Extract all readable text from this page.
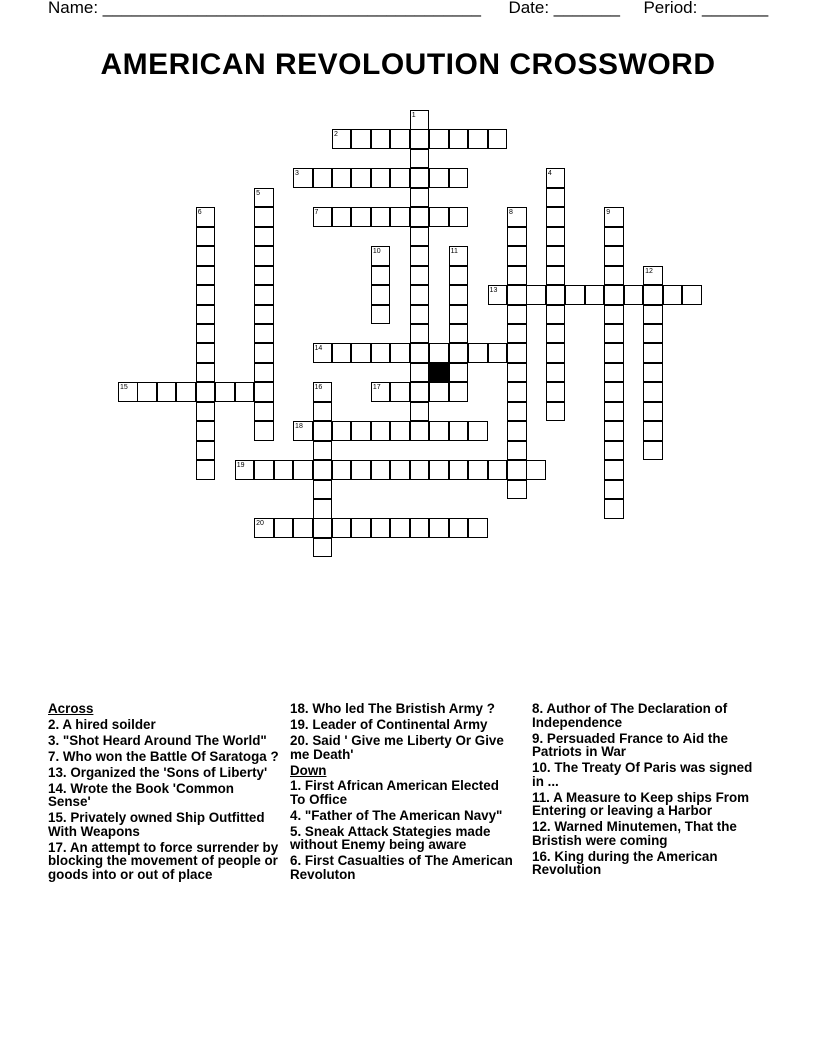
Name: ________________________________________ Date: _______ Period: _______
AMERICAN REVOLOUTION CROSSWORD
1
2
3	4
5
6	7	8	9
10	11
12
13
14
15	16	17
18
19
20
Across
2. A hired soilder
3. "Shot Heard Around The World"
7. Who won the Battle Of Saratoga ?
13. Organized the 'Sons of Liberty'
14. Wrote the Book 'Common Sense'
15. Privately owned Ship Outfitted With Weapons
17. An attempt to force surrender by blocking the movement of people or goods into or out of place
18. Who led The Bristish Army ?
19. Leader of Continental Army
20. Said ' Give me Liberty Or Give me Death'
Down
1. First African American Elected To Office
4. "Father of The American Navy"
5. Sneak Attack Stategies made without Enemy being aware
6. First Casualties of The American Revoluton
8. Author of The Declaration of Independence
9. Persuaded France to Aid the Patriots in War
10. The Treaty Of Paris was signed in ...
11. A Measure to Keep ships From Entering or leaving a Harbor
12. Warned Minutemen, That the Bristish were coming
16. King during the American Revolution
